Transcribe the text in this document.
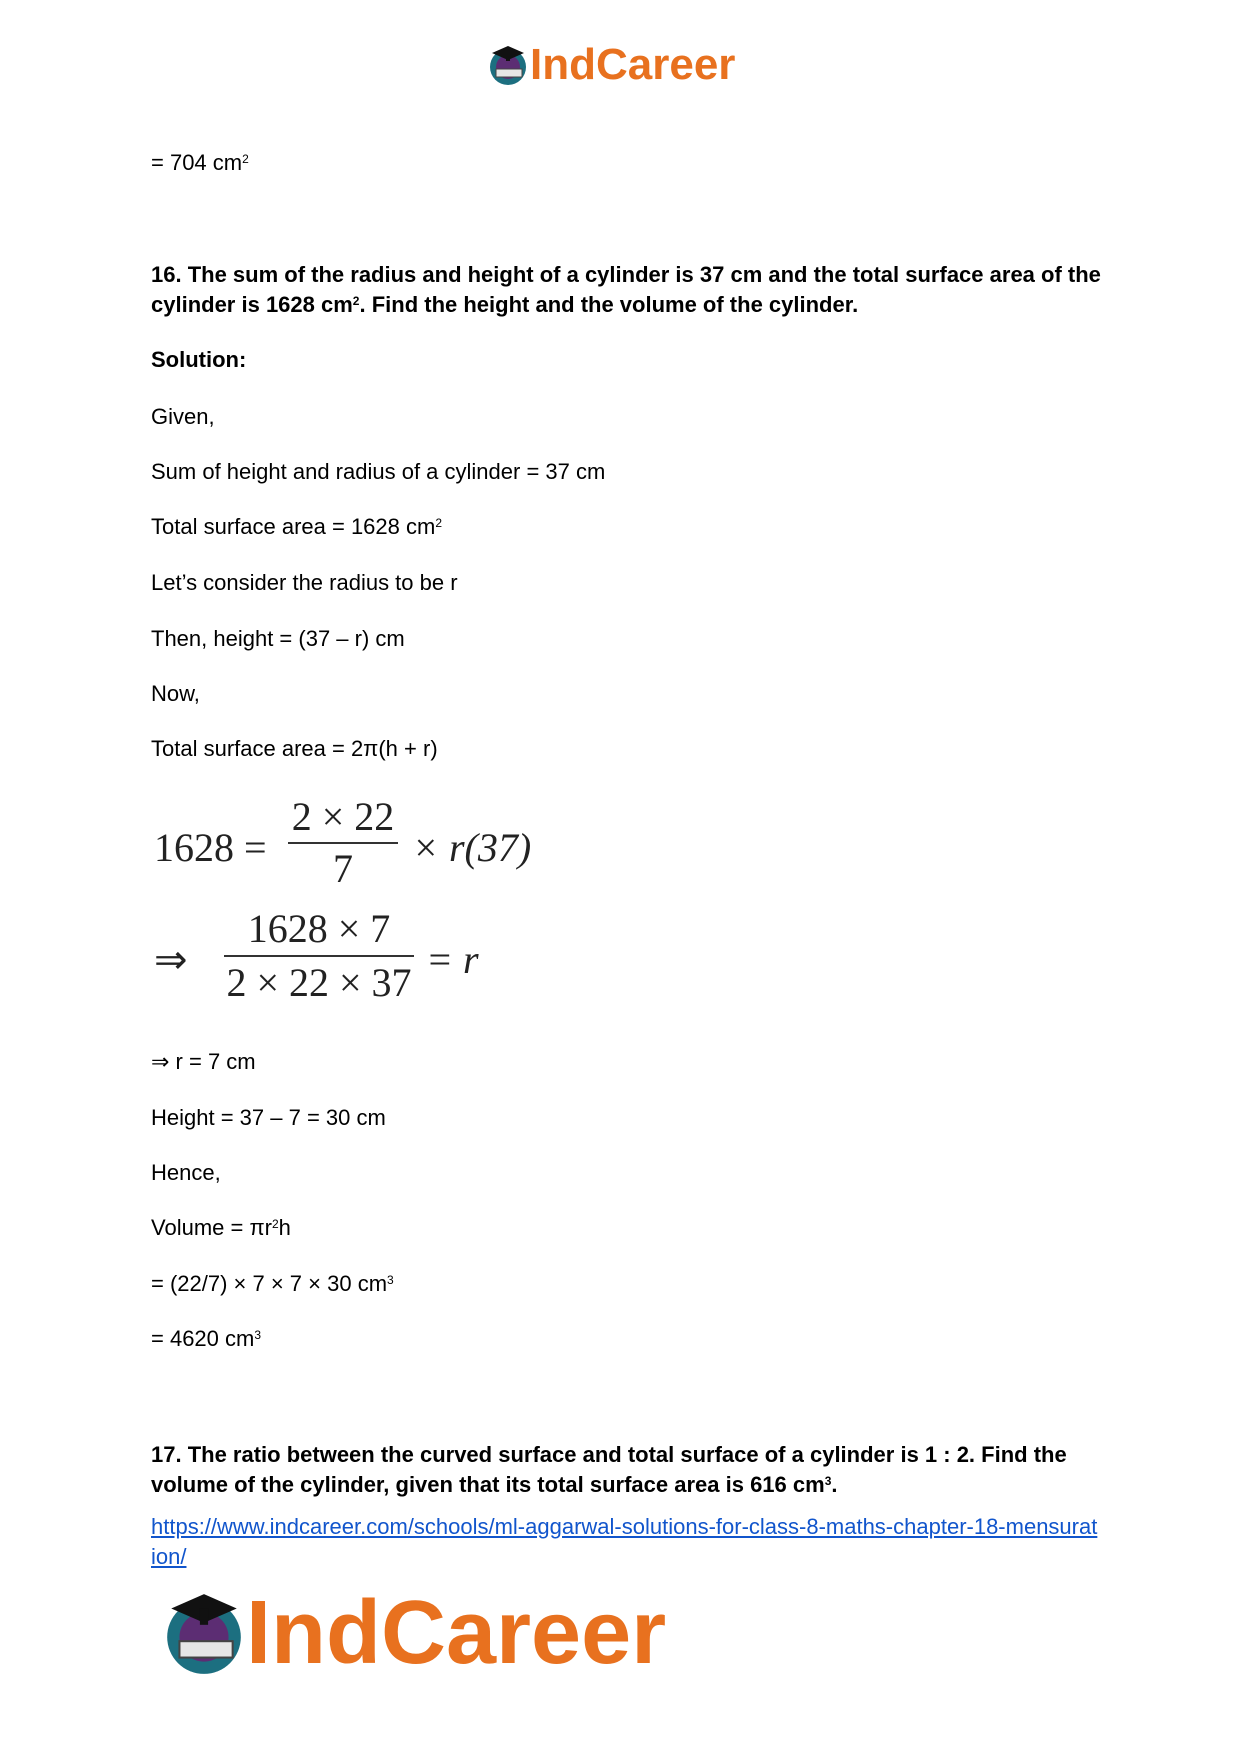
IndCareer
= 704 $cm^2$
16. The sum of the radius and height of a cylinder is 37 cm and the total surface area of the cylinder is 1628 $cm^2$. Find the height and the volume of the cylinder.
Solution:
Given,
Sum of height and radius of a cylinder = 37 cm
Total surface area = 1628 $cm^2$
Let’s consider the radius to be r
Then, height = (37 – r) cm
Now,
Total surface area = 2π(h + r)
1628 =
2 × 22
7	× r(37)
⇒
1628 × 7
2 × 22 × 37
= r
⇒ r = 7 cm
Height = 37 – 7 = 30 cm
Hence,
Volume = $\pi r^2h$
= (22/7) × 7 × 7 × 30 $cm^3$
= 4620 $cm^3$
17. The ratio between the curved surface and total surface of a cylinder is 1 : 2. Find the volume of the cylinder, given that its total surface area is 616 $cm^3$.
https://www.indcareer.com/schools/ml-aggarwal-solutions-for-class-8-maths-chapter-18-mensuration/
IndCareer
